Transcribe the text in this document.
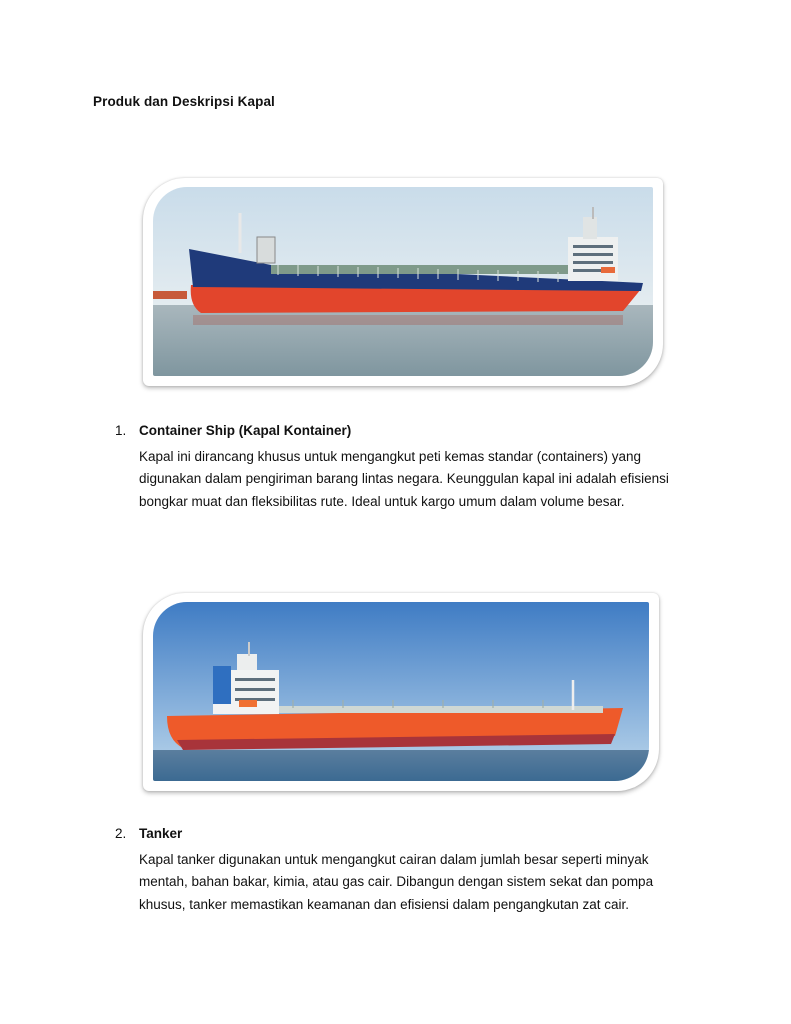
Produk dan Deskripsi Kapal
1. Container Ship (Kapal Kontainer)
Kapal ini dirancang khusus untuk mengangkut peti kemas standar (containers) yang digunakan dalam pengiriman barang lintas negara. Keunggulan kapal ini adalah efisiensi bongkar muat dan fleksibilitas rute. Ideal untuk kargo umum dalam volume besar.
2. Tanker
Kapal tanker digunakan untuk mengangkut cairan dalam jumlah besar seperti minyak mentah, bahan bakar, kimia, atau gas cair. Dibangun dengan sistem sekat dan pompa khusus, tanker memastikan keamanan dan efisiensi dalam pengangkutan zat cair.
